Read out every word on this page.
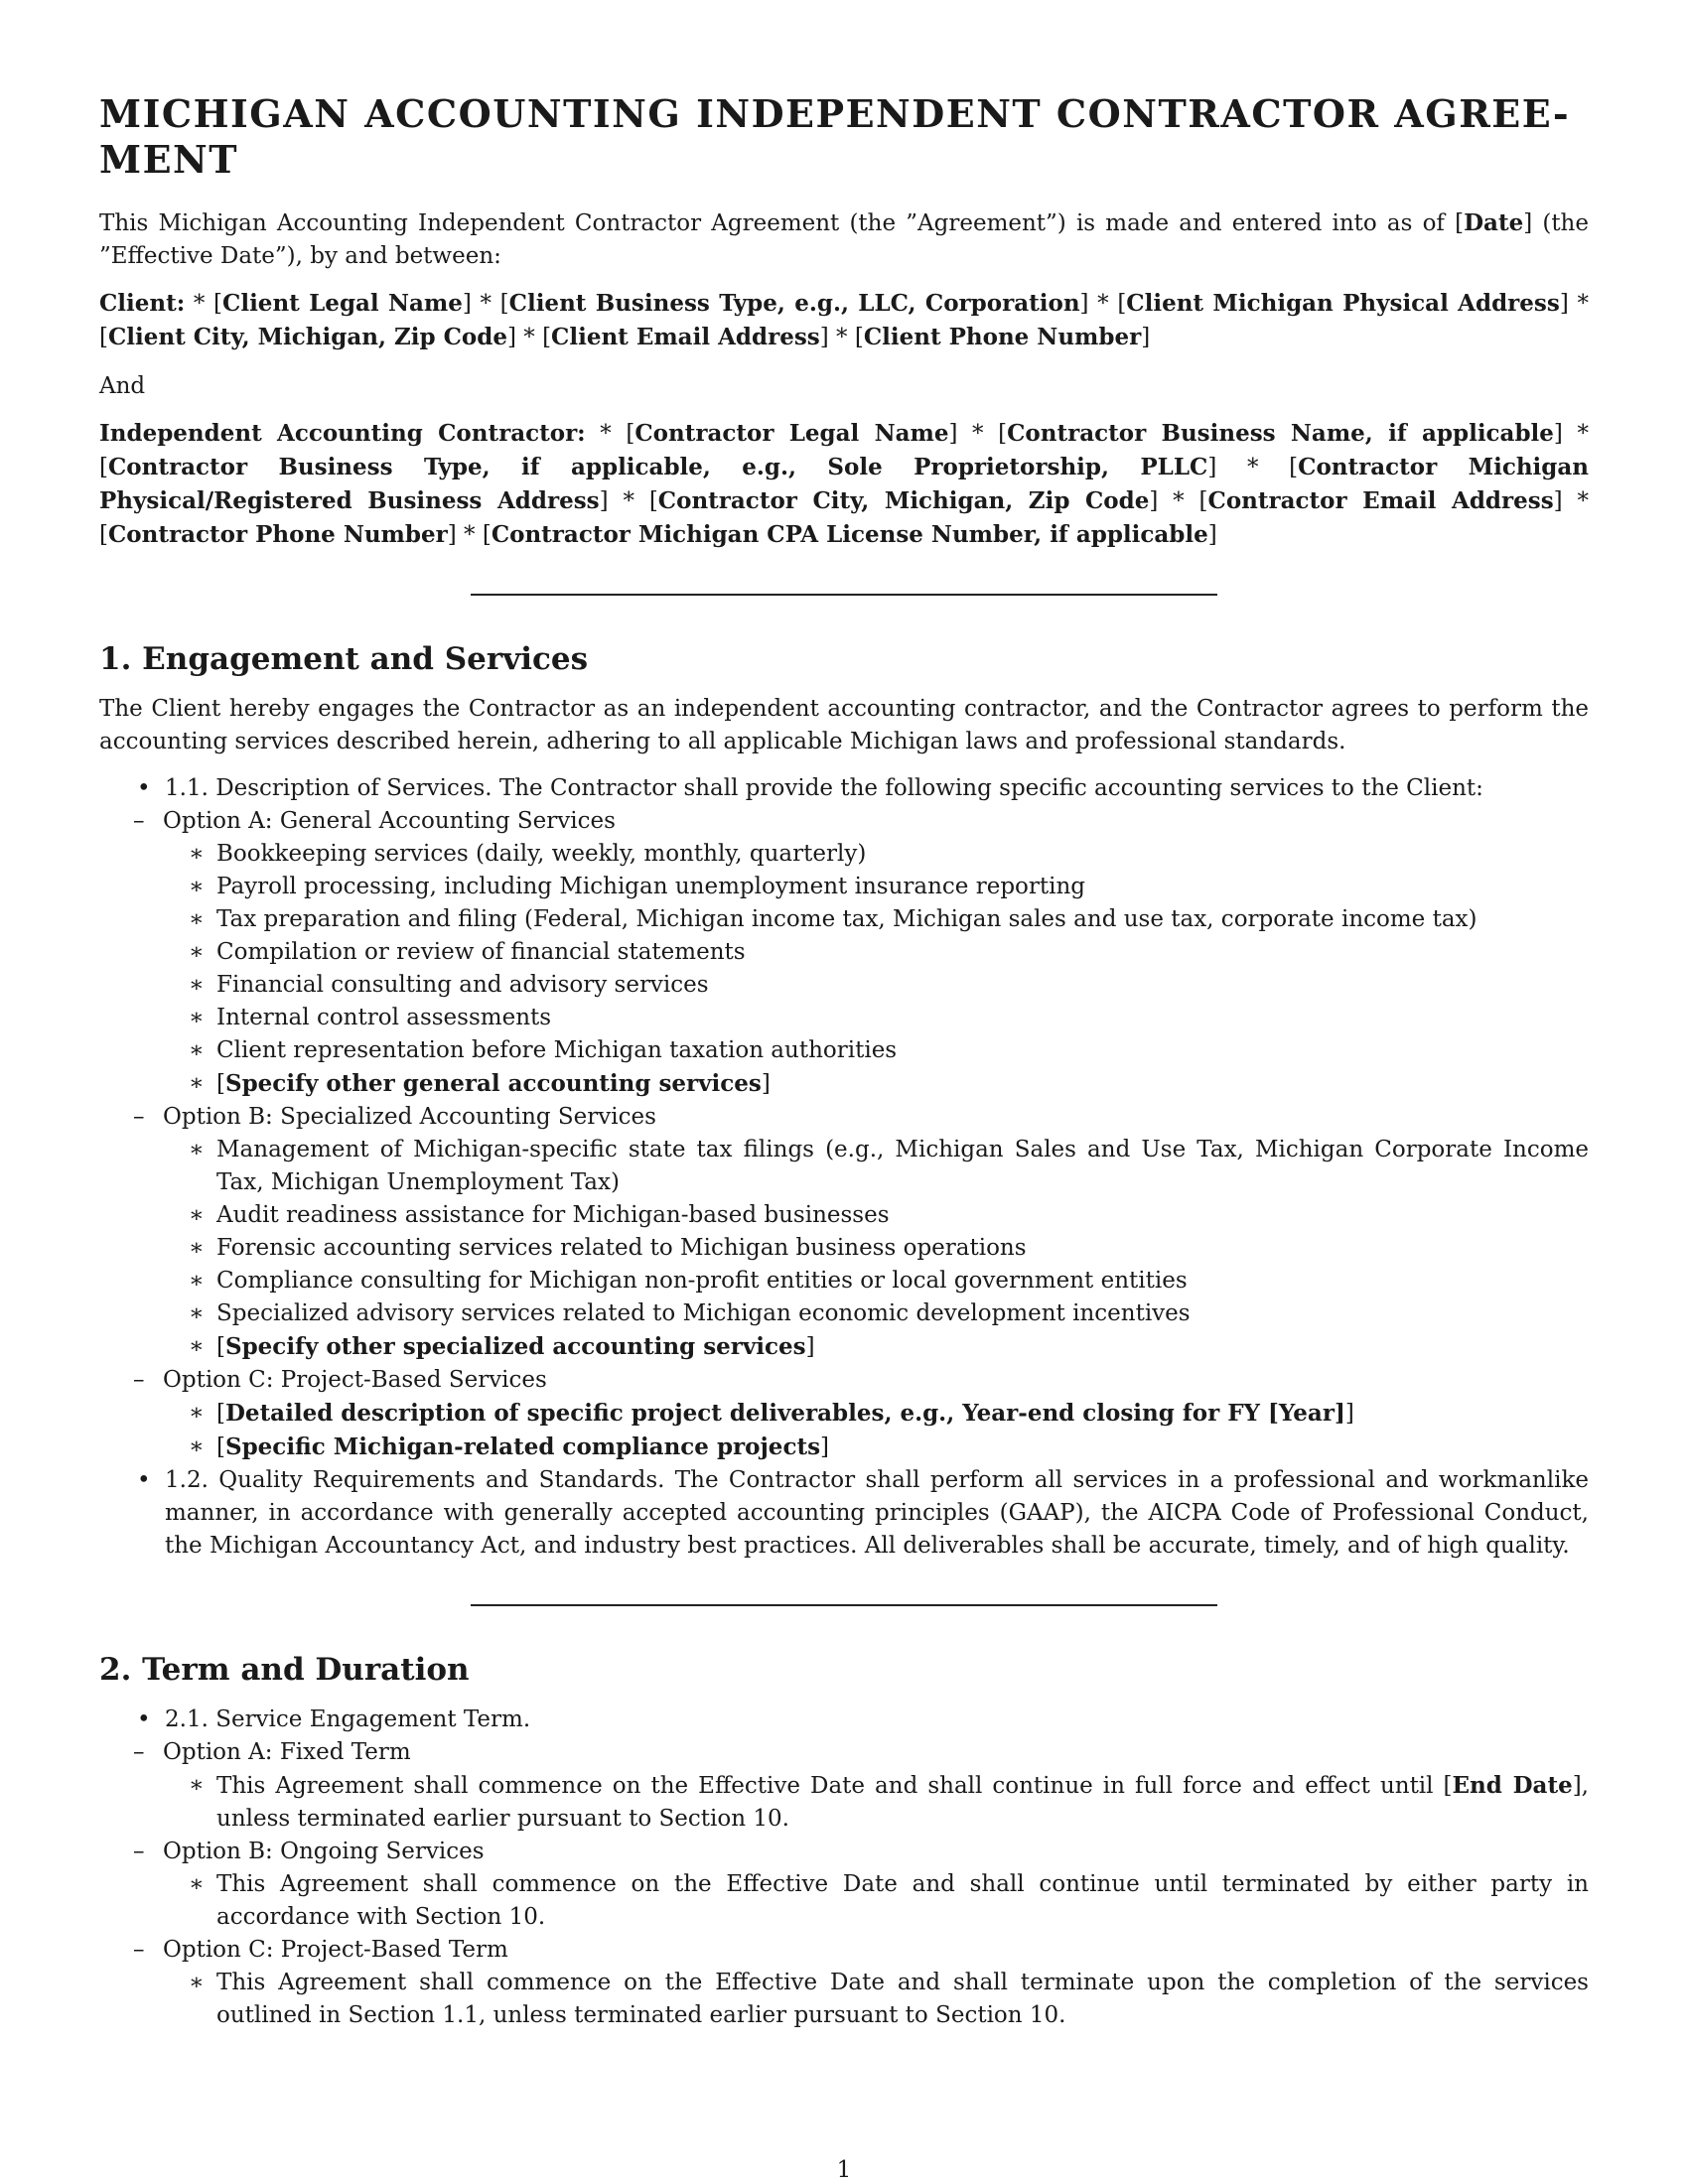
MICHIGAN ACCOUNTING INDEPENDENT CONTRACTOR AGREE- MENT

This Michigan Accounting Independent Contractor Agreement (the ”Agreement”) is made and entered into as of [Date] (the ”Effective Date”), by and between:

Client: * [Client Legal Name] * [Client Business Type, e.g., LLC, Corporation] * [Client Michigan Physical Address] * [Client City, Michigan, Zip Code] * [Client Email Address] * [Client Phone Number]

And

Independent Accounting Contractor: * [Contractor Legal Name] * [Contractor Business Name, if applicable] * [Contractor Business Type, if applicable, e.g., Sole Proprietorship, PLLC] * [Contractor Michigan Physical/Registered Business Address] * [Contractor City, Michigan, Zip Code] * [Contractor Email Address] * [Contractor Phone Number] * [Contractor Michigan CPA License Number, if applicable]
1. Engagement and Services

The Client hereby engages the Contractor as an independent accounting contractor, and the Contractor agrees to perform the accounting services described herein, adhering to all applicable Michigan laws and professional standards.

• 1.1. Description of Services. The Contractor shall provide the following specific accounting services to the Client:
– Option A: General Accounting Services
∗ Bookkeeping services (daily, weekly, monthly, quarterly)
∗ Payroll processing, including Michigan unemployment insurance reporting
∗ Tax preparation and filing (Federal, Michigan income tax, Michigan sales and use tax, corporate income tax)
∗ Compilation or review of financial statements
∗ Financial consulting and advisory services
∗ Internal control assessments
∗ Client representation before Michigan taxation authorities
∗ [Specify other general accounting services]
– Option B: Specialized Accounting Services
∗ Management of Michigan-specific state tax filings (e.g., Michigan Sales and Use Tax, Michigan Corporate Income Tax, Michigan Unemployment Tax)
∗ Audit readiness assistance for Michigan-based businesses
∗ Forensic accounting services related to Michigan business operations
∗ Compliance consulting for Michigan non-profit entities or local government entities
∗ Specialized advisory services related to Michigan economic development incentives
∗ [Specify other specialized accounting services]
– Option C: Project-Based Services
∗ [Detailed description of specific project deliverables, e.g., Year-end closing for FY [Year]]
∗ [Specific Michigan-related compliance projects]
• 1.2. Quality Requirements and Standards. The Contractor shall perform all services in a professional and workmanlike manner, in accordance with generally accepted accounting principles (GAAP), the AICPA Code of Professional Conduct, the Michigan Accountancy Act, and industry best practices. All deliverables shall be accurate, timely, and of high quality.
2. Term and Duration
• 2.1. Service Engagement Term.
– Option A: Fixed Term
∗ This Agreement shall commence on the Effective Date and shall continue in full force and effect until [End Date], unless terminated earlier pursuant to Section 10.
– Option B: Ongoing Services
∗ This Agreement shall commence on the Effective Date and shall continue until terminated by either party in accordance with Section 10.
– Option C: Project-Based Term
∗ This Agreement shall commence on the Effective Date and shall terminate upon the completion of the services outlined in Section 1.1, unless terminated earlier pursuant to Section 10.
1
